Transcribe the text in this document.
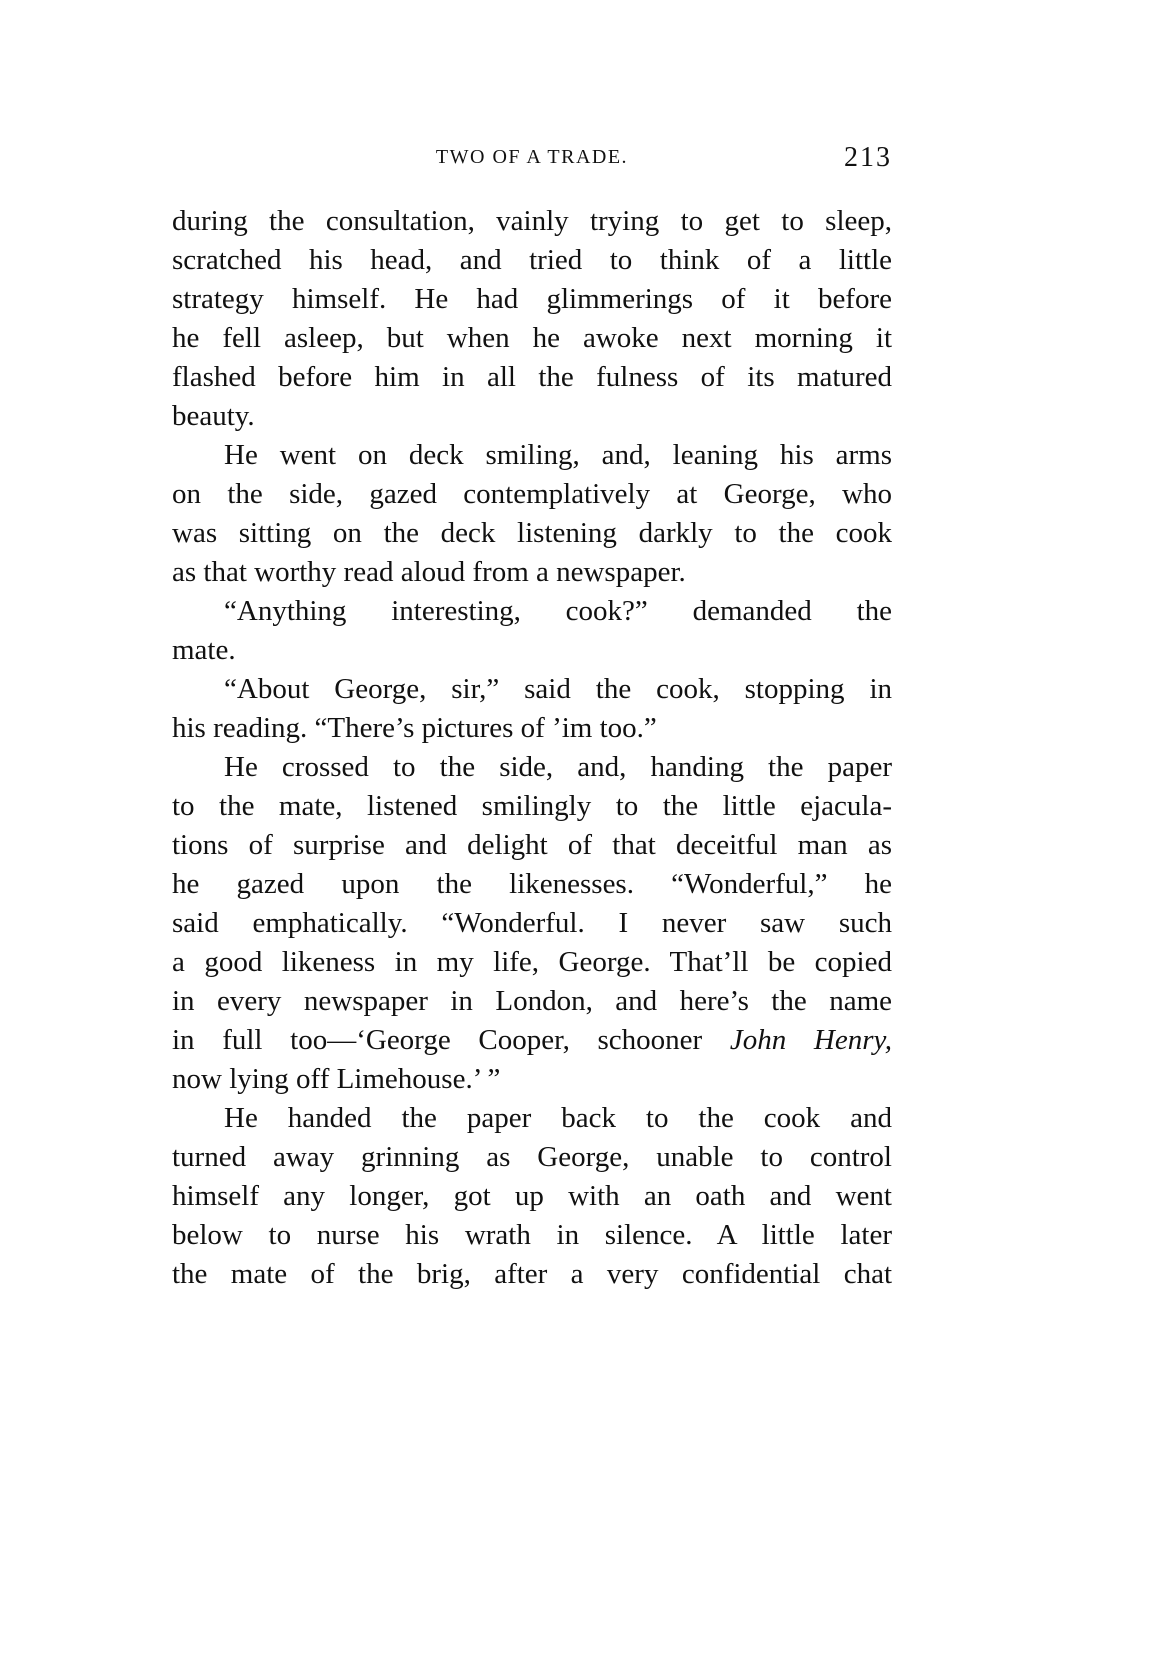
TWO OF A TRADE.	213
during the consultation, vainly trying to get to sleep,
scratched his head, and tried to think of a little
strategy himself. He had glimmerings of it before
he fell asleep, but when he awoke next morning it
flashed before him in all the fulness of its matured
beauty.
He went on deck smiling, and, leaning his arms
on the side, gazed contemplatively at George, who
was sitting on the deck listening darkly to the cook
as that worthy read aloud from a newspaper.
“Anything interesting, cook?” demanded the
mate.
“About George, sir,” said the cook, stopping in
his reading. “There’s pictures of ’im too.”
He crossed to the side, and, handing the paper
to the mate, listened smilingly to the little ejacula-
tions of surprise and delight of that deceitful man as
he gazed upon the likenesses. “Wonderful,” he
said emphatically. “Wonderful. I never saw such
a good likeness in my life, George. That’ll be copied
in every newspaper in London, and here’s the name
in full too—‘George Cooper, schooner John Henry,
now lying off Limehouse.’ ”
He handed the paper back to the cook and
turned away grinning as George, unable to control
himself any longer, got up with an oath and went
below to nurse his wrath in silence. A little later
the mate of the brig, after a very confidential chat
